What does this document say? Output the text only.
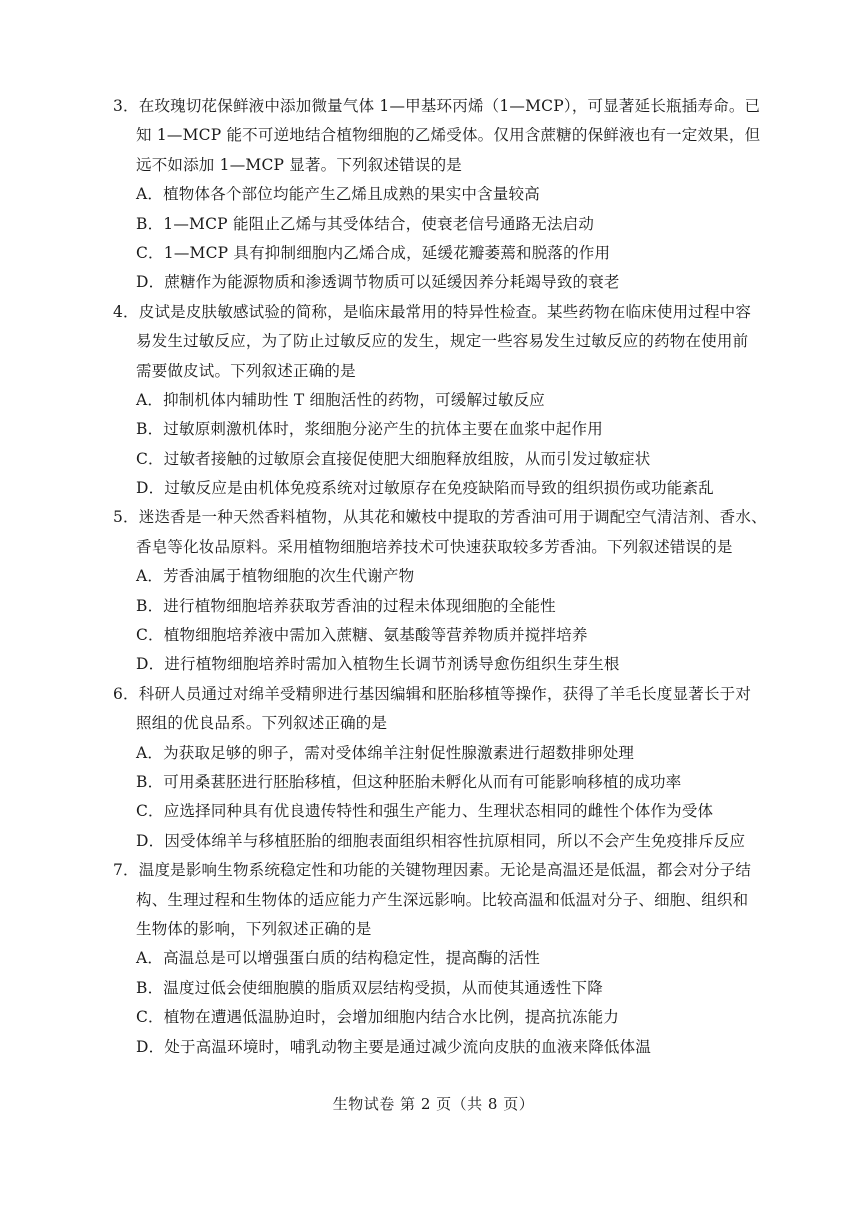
3．在玫瑰切花保鲜液中添加微量气体 1—甲基环丙烯（1—MCP），可显著延长瓶插寿命。已
知 1—MCP 能不可逆地结合植物细胞的乙烯受体。仅用含蔗糖的保鲜液也有一定效果，但
远不如添加 1—MCP 显著。下列叙述错误的是
A．植物体各个部位均能产生乙烯且成熟的果实中含量较高
B．1—MCP 能阻止乙烯与其受体结合，使衰老信号通路无法启动
C．1—MCP 具有抑制细胞内乙烯合成，延缓花瓣萎蔫和脱落的作用
D．蔗糖作为能源物质和渗透调节物质可以延缓因养分耗竭导致的衰老
4．皮试是皮肤敏感试验的简称，是临床最常用的特异性检查。某些药物在临床使用过程中容
易发生过敏反应，为了防止过敏反应的发生，规定一些容易发生过敏反应的药物在使用前
需要做皮试。下列叙述正确的是
A．抑制机体内辅助性 T 细胞活性的药物，可缓解过敏反应
B．过敏原刺激机体时，浆细胞分泌产生的抗体主要在血浆中起作用
C．过敏者接触的过敏原会直接促使肥大细胞释放组胺，从而引发过敏症状
D．过敏反应是由机体免疫系统对过敏原存在免疫缺陷而导致的组织损伤或功能紊乱
5．迷迭香是一种天然香料植物，从其花和嫩枝中提取的芳香油可用于调配空气清洁剂、香水、
香皂等化妆品原料。采用植物细胞培养技术可快速获取较多芳香油。下列叙述错误的是
A．芳香油属于植物细胞的次生代谢产物
B．进行植物细胞培养获取芳香油的过程未体现细胞的全能性
C．植物细胞培养液中需加入蔗糖、氨基酸等营养物质并搅拌培养
D．进行植物细胞培养时需加入植物生长调节剂诱导愈伤组织生芽生根
6．科研人员通过对绵羊受精卵进行基因编辑和胚胎移植等操作，获得了羊毛长度显著长于对
照组的优良品系。下列叙述正确的是
A．为获取足够的卵子，需对受体绵羊注射促性腺激素进行超数排卵处理
B．可用桑葚胚进行胚胎移植，但这种胚胎未孵化从而有可能影响移植的成功率
C．应选择同种具有优良遗传特性和强生产能力、生理状态相同的雌性个体作为受体
D．因受体绵羊与移植胚胎的细胞表面组织相容性抗原相同，所以不会产生免疫排斥反应
7．温度是影响生物系统稳定性和功能的关键物理因素。无论是高温还是低温，都会对分子结
构、生理过程和生物体的适应能力产生深远影响。比较高温和低温对分子、细胞、组织和
生物体的影响，下列叙述正确的是
A．高温总是可以增强蛋白质的结构稳定性，提高酶的活性
B．温度过低会使细胞膜的脂质双层结构受损，从而使其通透性下降
C．植物在遭遇低温胁迫时，会增加细胞内结合水比例，提高抗冻能力
D．处于高温环境时，哺乳动物主要是通过减少流向皮肤的血液来降低体温
生物试卷 第 2 页（共 8 页）
